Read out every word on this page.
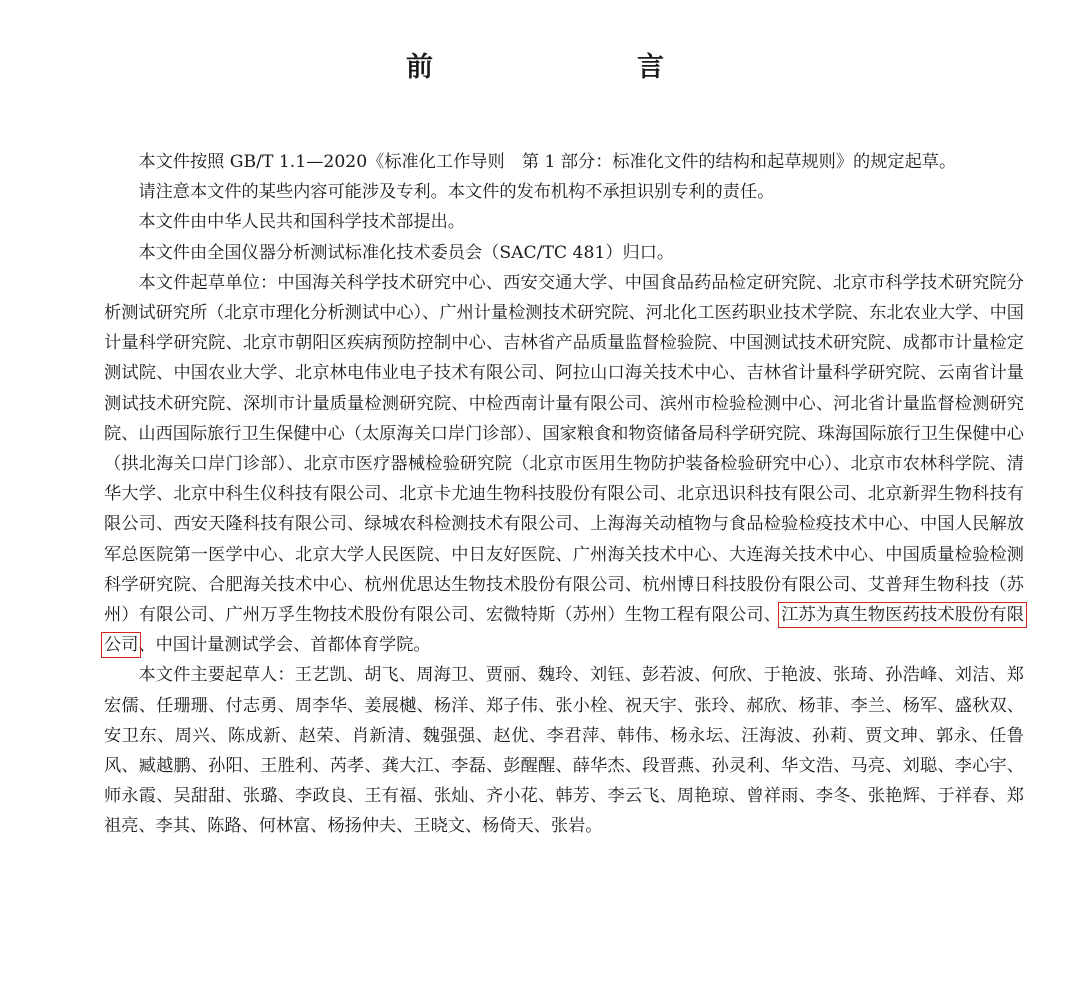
前　　言

本文件按照 GB/T 1.1—2020《标准化工作导则　第 1 部分：标准化文件的结构和起草规则》的规定起草。

请注意本文件的某些内容可能涉及专利。本文件的发布机构不承担识别专利的责任。

本文件由中华人民共和国科学技术部提出。

本文件由全国仪器分析测试标准化技术委员会（SAC/TC 481）归口。

本文件起草单位：中国海关科学技术研究中心、西安交通大学、中国食品药品检定研究院、北京市科学技术研究院分析测试研究所（北京市理化分析测试中心）、广州计量检测技术研究院、河北化工医药职业技术学院、东北农业大学、中国计量科学研究院、北京市朝阳区疾病预防控制中心、吉林省产品质量监督检验院、中国测试技术研究院、成都市计量检定测试院、中国农业大学、北京林电伟业电子技术有限公司、阿拉山口海关技术中心、吉林省计量科学研究院、云南省计量测试技术研究院、深圳市计量质量检测研究院、中检西南计量有限公司、滨州市检验检测中心、河北省计量监督检测研究院、山西国际旅行卫生保健中心（太原海关口岸门诊部）、国家粮食和物资储备局科学研究院、珠海国际旅行卫生保健中心（拱北海关口岸门诊部）、北京市医疗器械检验研究院（北京市医用生物防护装备检验研究中心）、北京市农林科学院、清华大学、北京中科生仪科技有限公司、北京卡尤迪生物科技股份有限公司、北京迅识科技有限公司、北京新羿生物科技有限公司、西安天隆科技有限公司、绿城农科检测技术有限公司、上海海关动植物与食品检验检疫技术中心、中国人民解放军总医院第一医学中心、北京大学人民医院、中日友好医院、广州海关技术中心、大连海关技术中心、中国质量检验检测科学研究院、合肥海关技术中心、杭州优思达生物技术股份有限公司、杭州博日科技股份有限公司、艾普拜生物科技（苏州）有限公司、广州万孚生物技术股份有限公司、宏微特斯（苏州）生物工程有限公司、江苏为真生物医药技术股份有限公司、中国计量测试学会、首都体育学院。

本文件主要起草人：王艺凯、胡飞、周海卫、贾丽、魏玲、刘钰、彭若波、何欣、于艳波、张琦、孙浩峰、刘洁、郑宏儒、任珊珊、付志勇、周李华、姜展樾、杨洋、郑子伟、张小栓、祝天宇、张玲、郝欣、杨菲、李兰、杨军、盛秋双、安卫东、周兴、陈成新、赵荣、肖新清、魏强强、赵优、李君萍、韩伟、杨永坛、汪海波、孙莉、贾文珅、郭永、任鲁风、臧越鹏、孙阳、王胜利、芮孝、龚大江、李磊、彭醒醒、薛华杰、段晋燕、孙灵利、华文浩、马亮、刘聪、李心宇、师永霞、吴甜甜、张璐、李政良、王有福、张灿、齐小花、韩芳、李云飞、周艳琼、曾祥雨、李冬、张艳辉、于祥春、郑祖亮、李其、陈路、何林富、杨扬仲夫、王晓文、杨倚天、张岩。
